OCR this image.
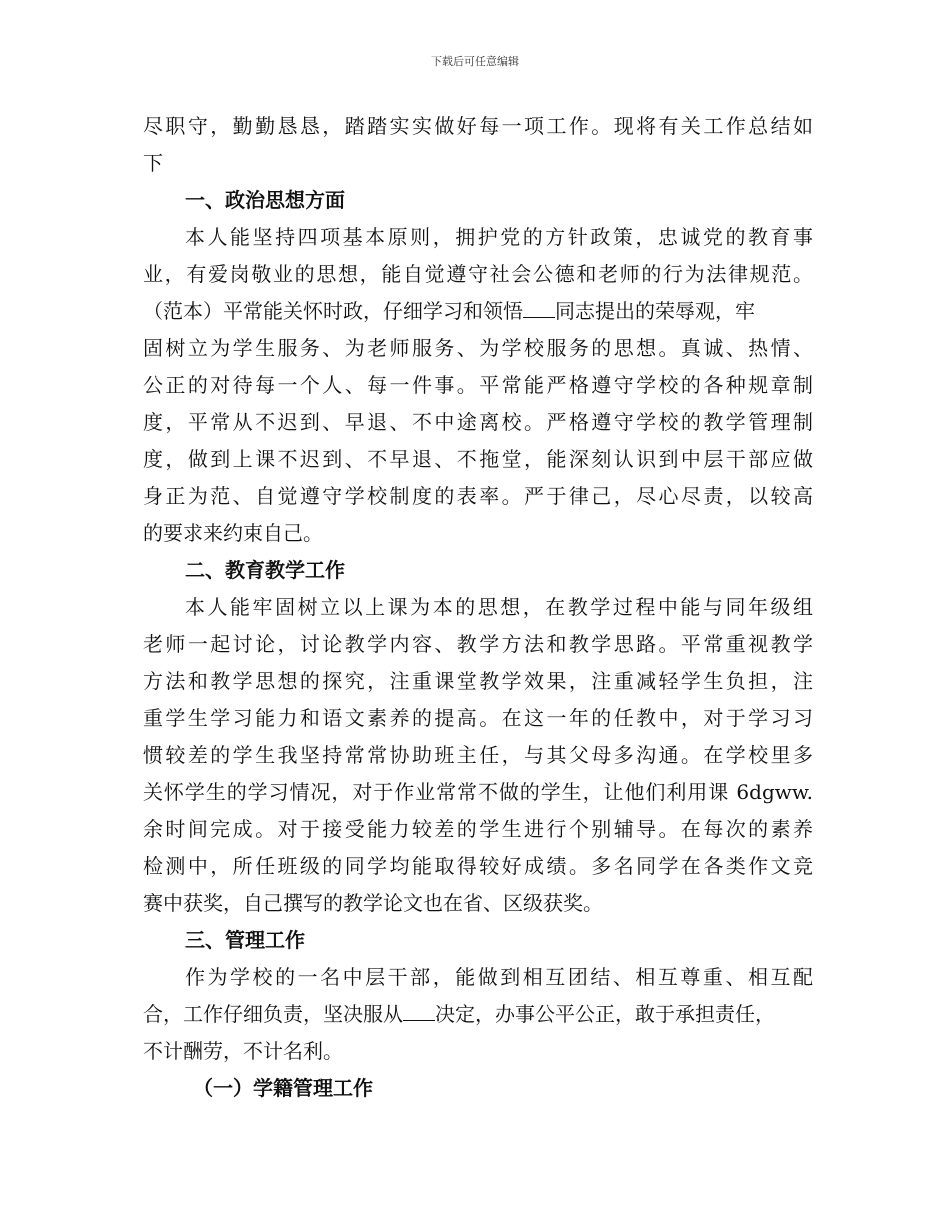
下载后可任意编辑
尽职守，勤勤恳恳，踏踏实实做好每一项工作。现将有关工作总结如
下
一、政治思想方面
本人能坚持四项基本原则，拥护党的方针政策，忠诚党的教育事
业，有爱岗敬业的思想，能自觉遵守社会公德和老师的行为法律规范。
（范本）平常能关怀时政，仔细学习和领悟 同志提出的荣辱观，牢
固树立为学生服务、为老师服务、为学校服务的思想。真诚、热情、
公正的对待每一个人、每一件事。平常能严格遵守学校的各种规章制
度，平常从不迟到、早退、不中途离校。严格遵守学校的教学管理制
度，做到上课不迟到、不早退、不拖堂，能深刻认识到中层干部应做
身正为范、自觉遵守学校制度的表率。严于律己，尽心尽责，以较高
的要求来约束自己。
二、教育教学工作
本人能牢固树立以上课为本的思想，在教学过程中能与同年级组
老师一起讨论，讨论教学内容、教学方法和教学思路。平常重视教学
方法和教学思想的探究，注重课堂教学效果，注重减轻学生负担，注
重学生学习能力和语文素养的提高。在这一年的任教中，对于学习习
惯较差的学生我坚持常常协助班主任，与其父母多沟通。在学校里多
关怀学生的学习情况，对于作业常常不做的学生，让他们利用课 6dgww.
余时间完成。对于接受能力较差的学生进行个别辅导。在每次的素养
检测中，所任班级的同学均能取得较好成绩。多名同学在各类作文竞
赛中获奖，自己撰写的教学论文也在省、区级获奖。
三、管理工作
作为学校的一名中层干部，能做到相互团结、相互尊重、相互配
合，工作仔细负责，坚决服从 决定，办事公平公正，敢于承担责任，
不计酬劳，不计名利。
（一）学籍管理工作
